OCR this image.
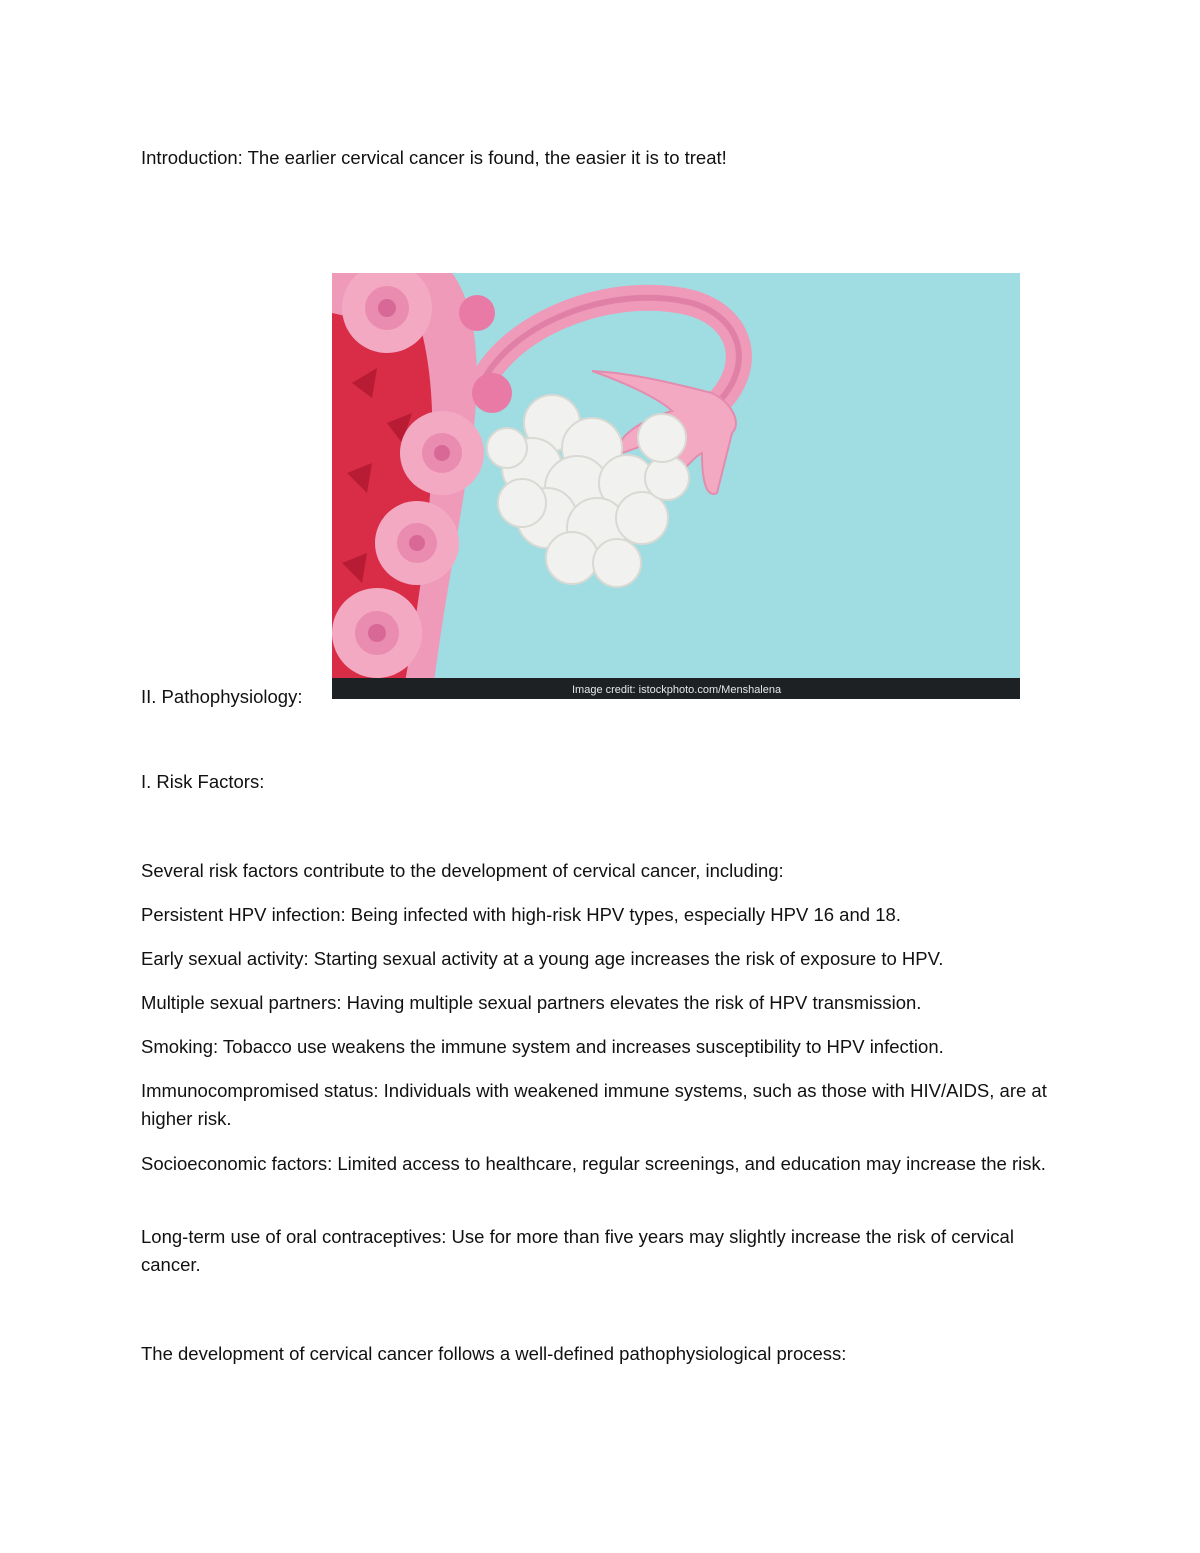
Introduction: The earlier cervical cancer is found, the easier it is to treat!

Image credit: istockphoto.com/Menshalena

II. Pathophysiology:

I. Risk Factors:

Several risk factors contribute to the development of cervical cancer, including:

Persistent HPV infection: Being infected with high-risk HPV types, especially HPV 16 and 18.

Early sexual activity: Starting sexual activity at a young age increases the risk of exposure to HPV.

Multiple sexual partners: Having multiple sexual partners elevates the risk of HPV transmission.

Smoking: Tobacco use weakens the immune system and increases susceptibility to HPV infection.

Immunocompromised status: Individuals with weakened immune systems, such as those with HIV/AIDS, are at higher risk.

Socioeconomic factors: Limited access to healthcare, regular screenings, and education may increase the risk.

Long-term use of oral contraceptives: Use for more than five years may slightly increase the risk of cervical cancer.

The development of cervical cancer follows a well-defined pathophysiological process:
